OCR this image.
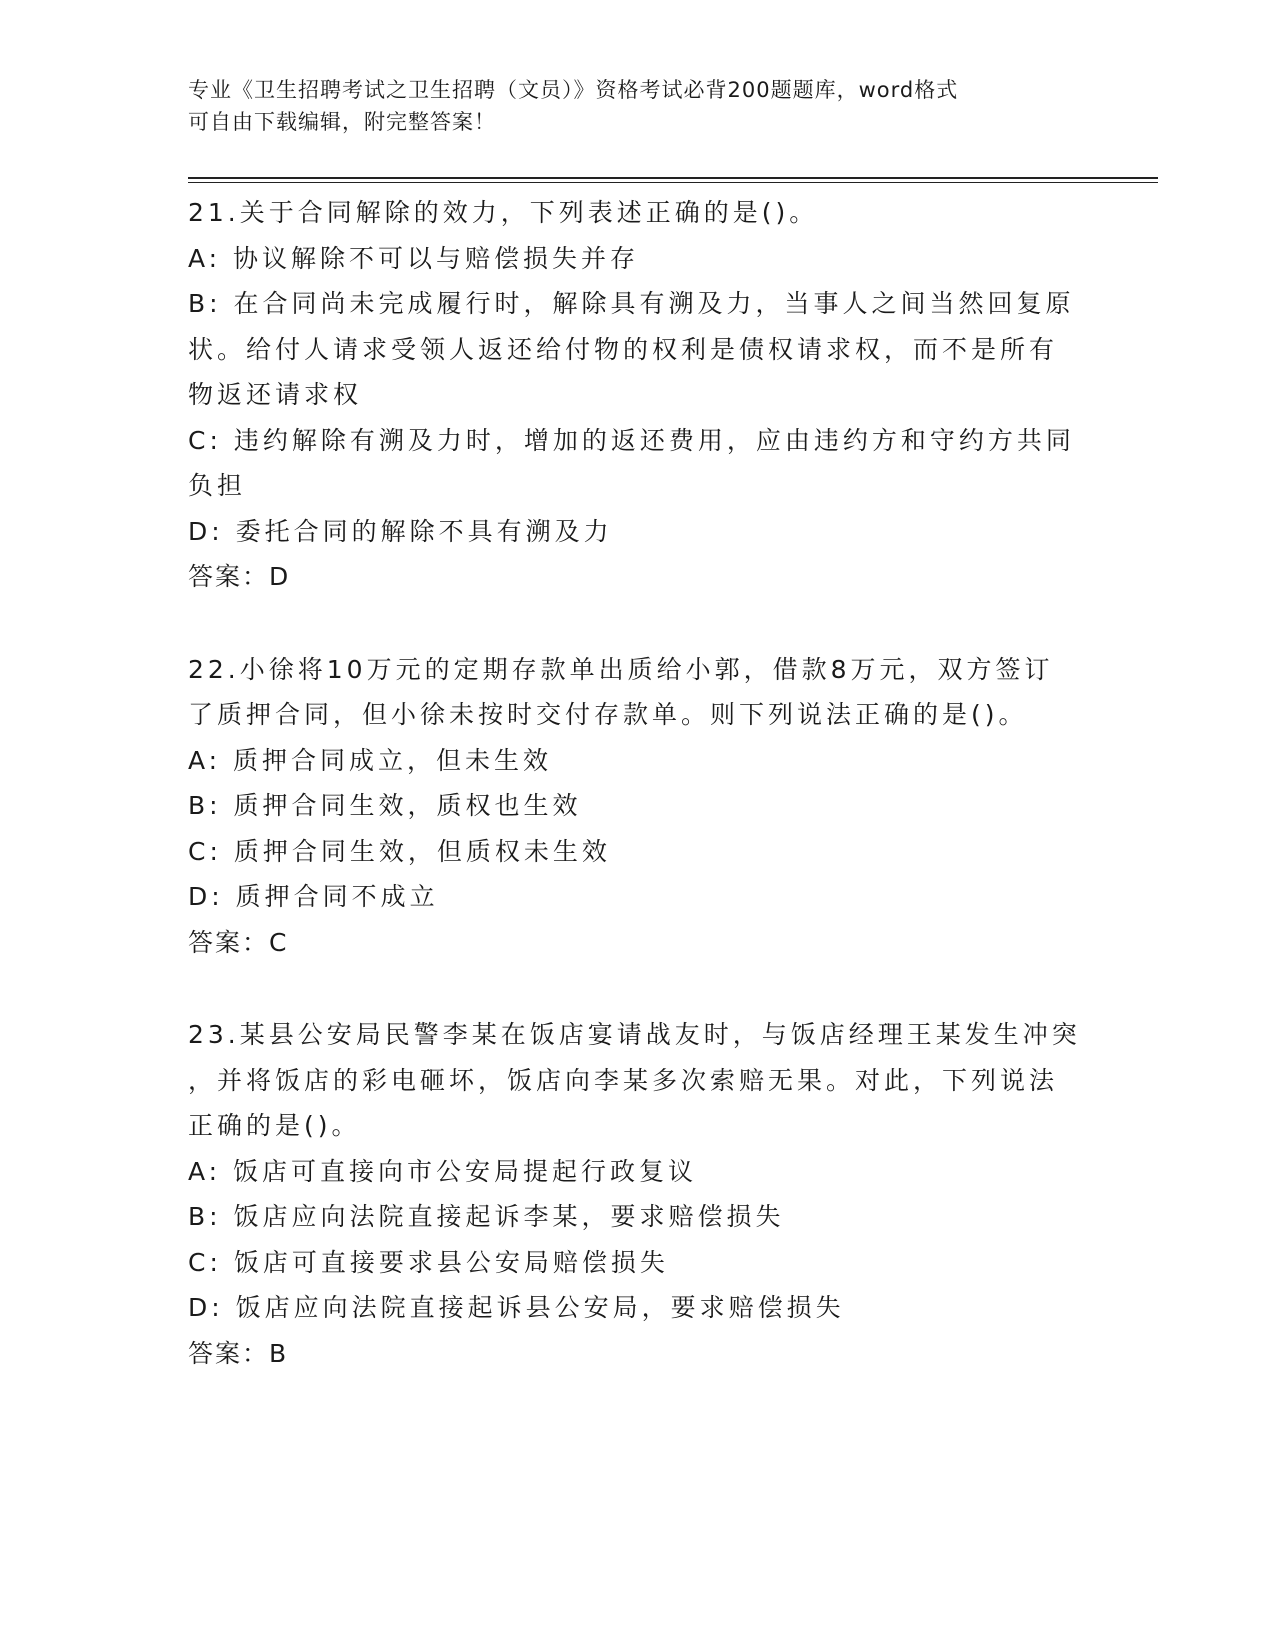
专业《卫生招聘考试之卫生招聘（文员）》资格考试必背200题题库，word格式
可自由下载编辑，附完整答案！
21.关于合同解除的效力，下列表述正确的是()。
A: 协议解除不可以与赔偿损失并存
B: 在合同尚未完成履行时，解除具有溯及力，当事人之间当然回复原
状。给付人请求受领人返还给付物的权利是债权请求权，而不是所有
物返还请求权
C: 违约解除有溯及力时，增加的返还费用，应由违约方和守约方共同
负担
D: 委托合同的解除不具有溯及力
答案：D
22.小徐将10万元的定期存款单出质给小郭，借款8万元，双方签订
了质押合同，但小徐未按时交付存款单。则下列说法正确的是()。
A: 质押合同成立，但未生效
B: 质押合同生效，质权也生效
C: 质押合同生效，但质权未生效
D: 质押合同不成立
答案：C
23.某县公安局民警李某在饭店宴请战友时，与饭店经理王某发生冲突
，并将饭店的彩电砸坏，饭店向李某多次索赔无果。对此，下列说法
正确的是()。
A: 饭店可直接向市公安局提起行政复议
B: 饭店应向法院直接起诉李某，要求赔偿损失
C: 饭店可直接要求县公安局赔偿损失
D: 饭店应向法院直接起诉县公安局，要求赔偿损失
答案：B
